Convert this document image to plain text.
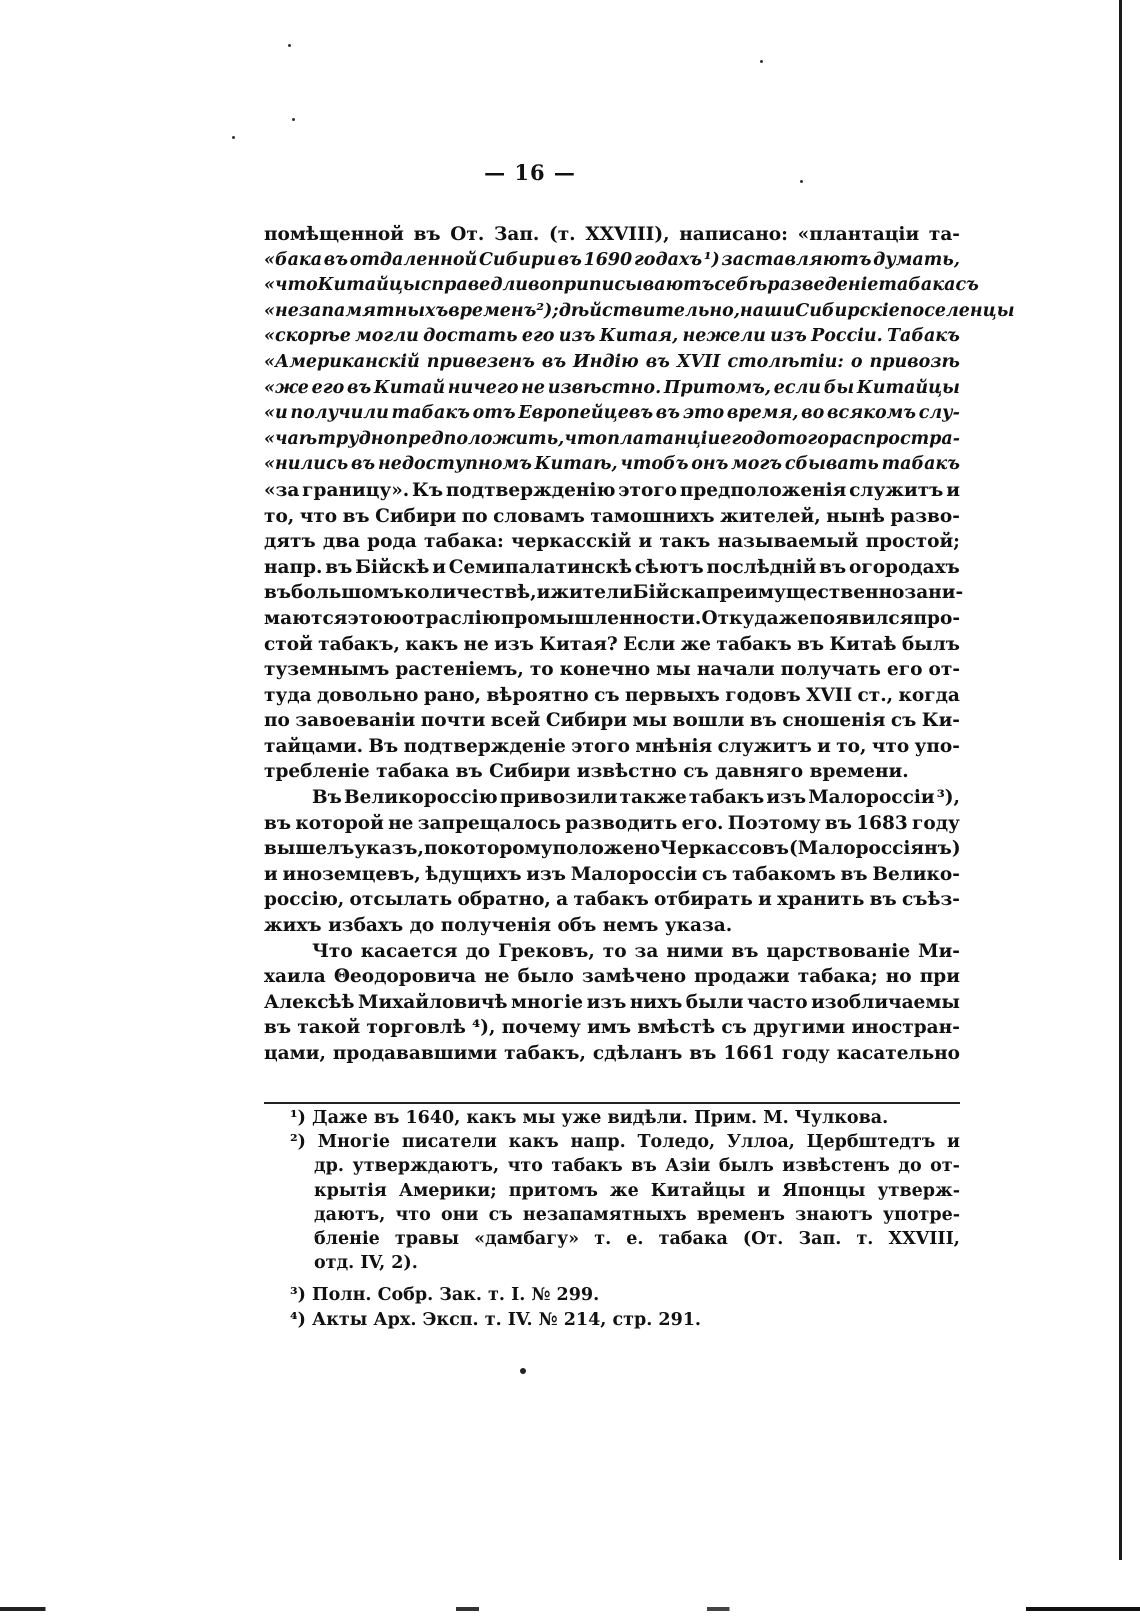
— 16 —
помѣщенной въ От. Зап. (т. XXVIII), написано: «плантаціи та-
«бака въ отдаленной Сибири въ 1690 годахъ ¹) заставляютъ думать,
«что Китайцы справедливо приписываютъ себѣ разведеніе табака съ
«незапамятныхъ временъ ²); дѣйствительно, наши Сибирскіе поселенцы
«скорѣе могли достать его изъ Китая, нежели изъ Россіи. Табакъ
«Американскій привезенъ въ Индію въ XVII столѣтіи: о привозѣ
«же его въ Китай ничего не извѣстно. Притомъ, если бы Китайцы
«и получили табакъ отъ Европейцевъ въ это время, во всякомъ слу-
«чаѣ трудно предположить, что платанціи его до того распростра-
«нились въ недоступномъ Китаѣ, чтобъ онъ могъ сбывать табакъ
«за границу». Къ подтвержденію этого предположенія служитъ и
то, что въ Сибири по словамъ тамошнихъ жителей, нынѣ разво-
дятъ два рода табака: черкасскій и такъ называемый простой;
напр. въ Бійскѣ и Семипалатинскѣ сѣютъ послѣдній въ огородахъ
въ большомъ количествѣ, и жители Бійска преимущественно зани-
маются этою отраслію промышленности. Откуда же появился про-
стой табакъ, какъ не изъ Китая? Если же табакъ въ Китаѣ былъ
туземнымъ растеніемъ, то конечно мы начали получать его от-
туда довольно рано, вѣроятно съ первыхъ годовъ XVII ст., когда
по завоеваніи почти всей Сибири мы вошли въ сношенія съ Ки-
тайцами. Въ подтвержденіе этого мнѣнія служитъ и то, что упо-
требленіе табака въ Сибири извѣстно съ давняго времени.
Въ Великороссію привозили также табакъ изъ Малороссіи ³),
въ которой не запрещалось разводить его. Поэтому въ 1683 году
вышелъ указъ, по которому положено Черкассовъ (Малороссіянъ)
и иноземцевъ, ѣдущихъ изъ Малороссіи съ табакомъ въ Велико-
россію, отсылать обратно, а табакъ отбирать и хранить въ съѣз-
жихъ избахъ до полученія объ немъ указа.
Что касается до Грековъ, то за ними въ царствованіе Ми-
хаила Θеодоровича не было замѣчено продажи табака; но при
Алексѣѣ Михайловичѣ многіе изъ нихъ были часто изобличаемы
въ такой торговлѣ ⁴), почему имъ вмѣстѣ съ другими иностран-
цами, продававшими табакъ, сдѣланъ въ 1661 году касательно
¹) Даже въ 1640, какъ мы уже видѣли. Прим. М. Чулкова.
²) Многіе писатели какъ напр. Толедо, Уллоа, Цербштедтъ и
др. утверждаютъ, что табакъ въ Азіи былъ извѣстенъ до от-
крытія Америки; притомъ же Китайцы и Японцы утверж-
даютъ, что они съ незапамятныхъ временъ знаютъ употре-
бленіе травы «дамбагу» т. е. табака (От. Зап. т. XXVIII,
отд. IV, 2).
³) Полн. Собр. Зак. т. I. № 299.
⁴) Акты Арх. Эксп. т. IV. № 214, стр. 291.
